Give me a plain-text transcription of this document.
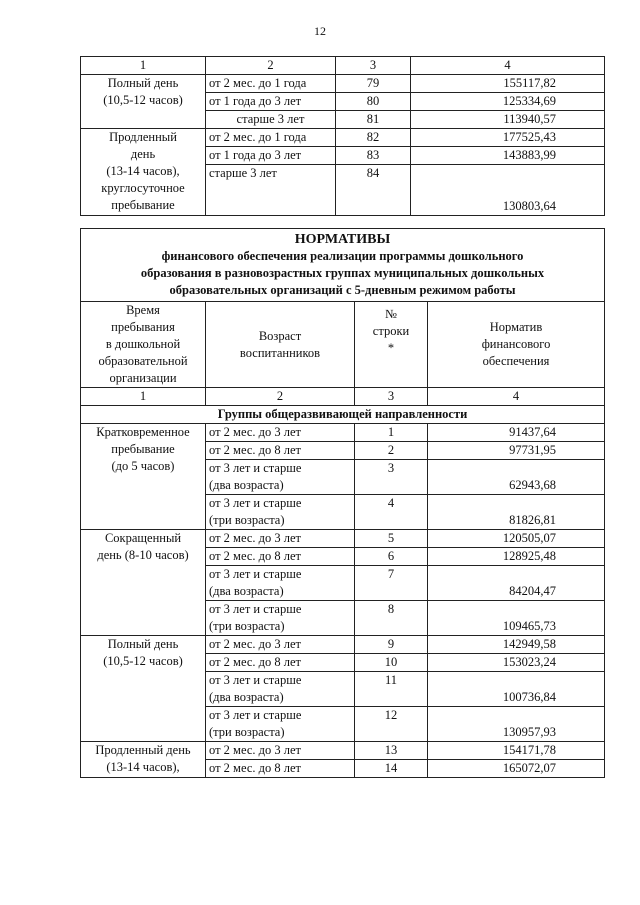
12
1	2	3	4

Полный день
(10,5-12 часов)	от 2 мес. до 1 года	79	155117,82
	от 1 года до 3 лет	80	125334,69
	старше 3 лет	81	113940,57

Продленный
день
(13-14 часов),
круглосуточное
пребывание	от 2 мес. до 1 года	82	177525,43
	от 1 года до 3 лет	83	143883,99
	старше 3 лет	84	130803,64
НОРМАТИВЫ
финансового обеспечения реализации программы дошкольного
образования в разновозрастных группах муниципальных дошкольных
образовательных организаций с 5-дневным режимом работы			

Время
пребывания
в дошкольной
образовательной
организации	Возраст
воспитанников	№
строки
*	Норматив
финансового
обеспечения

1	2	3	4
Группы общеразвивающей направленности			

Кратковременное
пребывание
(до 5 часов)	от 2 мес. до 3 лет	1	91437,64
	от 2 мес. до 8 лет	2	97731,95

	от 3 лет и старше
(два возраста)	3	62943,68

	от 3 лет и старше
(три возраста)	4	81826,81

Сокращенный
день (8-10 часов)	от 2 мес. до 3 лет	5	120505,07
	от 2 мес. до 8 лет	6	128925,48

	от 3 лет и старше
(два возраста)	7	84204,47

	от 3 лет и старше
(три возраста)	8	109465,73

Полный день
(10,5-12 часов)	от 2 мес. до 3 лет	9	142949,58
	от 2 мес. до 8 лет	10	153023,24

	от 3 лет и старше
(два возраста)	11	100736,84

	от 3 лет и старше
(три возраста)	12	130957,93

Продленный день
(13-14 часов),	от 2 мес. до 3 лет	13	154171,78
	от 2 мес. до 8 лет	14	165072,07
